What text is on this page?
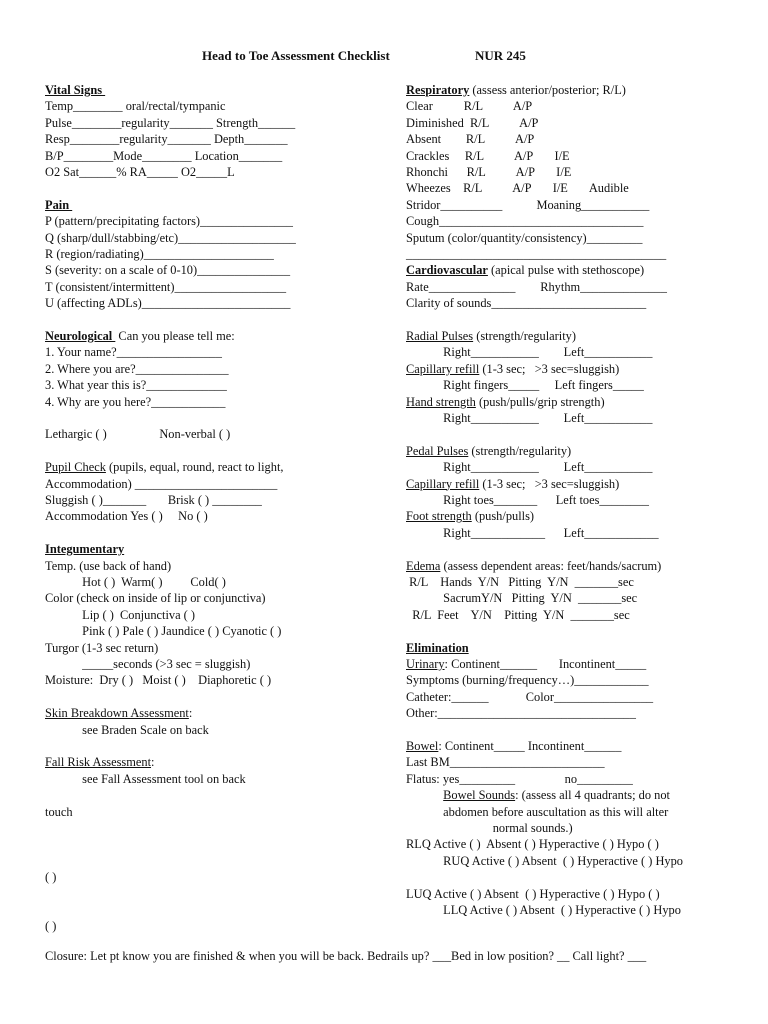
Head to Toe Assessment Checklist	NUR 245
Vital Signs
Temp________ oral/rectal/tympanic
Pulse________regularity_______ Strength______
Resp________regularity_______ Depth_______
B/P________Mode________ Location_______
O2 Sat______% RA_____ O2_____L
Pain
P (pattern/precipitating factors)_______________
Q (sharp/dull/stabbing/etc)___________________
R (region/radiating)_____________________
S (severity: on a scale of 0-10)_______________
T (consistent/intermittent)__________________
U (affecting ADLs)________________________
Neurological  Can you please tell me:
1. Your name?_________________
2. Where you are?_______________
3. What year this is?_____________
4. Why are you here?____________
Lethargic ( )                 Non-verbal ( )
Pupil Check (pupils, equal, round, react to light,
Accommodation) _______________________
Sluggish ( )_______       Brisk ( ) ________
Accommodation Yes ( )     No ( )
Integumentary
Temp. (use back of hand)
Hot ( )  Warm( )         Cold( )
Color (check on inside of lip or conjunctiva)
Lip ( )  Conjunctiva ( )
Pink ( ) Pale ( ) Jaundice ( ) Cyanotic ( )
Turgor (1-3 sec return)
_____seconds (>3 sec = sluggish)
Moisture:  Dry ( )   Moist ( )    Diaphoretic ( )
Skin Breakdown Assessment:
see Braden Scale on back
Fall Risk Assessment:
see Fall Assessment tool on back
touch
( )
( )
Respiratory (assess anterior/posterior; R/L)
Clear          R/L          A/P
Diminished  R/L          A/P
Absent        R/L          A/P
Crackles     R/L          A/P       I/E
Rhonchi      R/L          A/P       I/E
Wheezes    R/L          A/P       I/E       Audible
Stridor__________           Moaning___________
Cough_________________________________
Sputum (color/quantity/consistency)_________
__________________________________________
Cardiovascular (apical pulse with stethoscope)
Rate______________        Rhythm______________
Clarity of sounds_________________________
Radial Pulses (strength/regularity)
Right___________        Left___________
Capillary refill (1-3 sec;   >3 sec=sluggish)
Right fingers_____     Left fingers_____
Hand strength (push/pulls/grip strength)
Right___________        Left___________
Pedal Pulses (strength/regularity)
Right___________        Left___________
Capillary refill (1-3 sec;   >3 sec=sluggish)
Right toes_______      Left toes________
Foot strength (push/pulls)
Right____________      Left____________
Edema (assess dependent areas: feet/hands/sacrum)
R/L    Hands  Y/N   Pitting  Y/N  _______sec
SacrumY/N   Pitting  Y/N  _______sec
R/L  Feet    Y/N    Pitting  Y/N  _______sec
Elimination
Urinary: Continent______       Incontinent_____
Symptoms (burning/frequency…)____________
Catheter:______            Color________________
Other:________________________________
Bowel: Continent_____ Incontinent______
Last BM_________________________
Flatus: yes_________                no_________
Bowel Sounds: (assess all 4 quadrants; do not
abdomen before auscultation as this will alter
normal sounds.)
RLQ Active ( )  Absent ( ) Hyperactive ( ) Hypo ( )
RUQ Active ( ) Absent  ( ) Hyperactive ( ) Hypo
LUQ Active ( ) Absent  ( ) Hyperactive ( ) Hypo ( )
LLQ Active ( ) Absent  ( ) Hyperactive ( ) Hypo
Closure: Let pt know you are finished & when you will be back. Bedrails up? ___Bed in low position? __ Call light? ___
